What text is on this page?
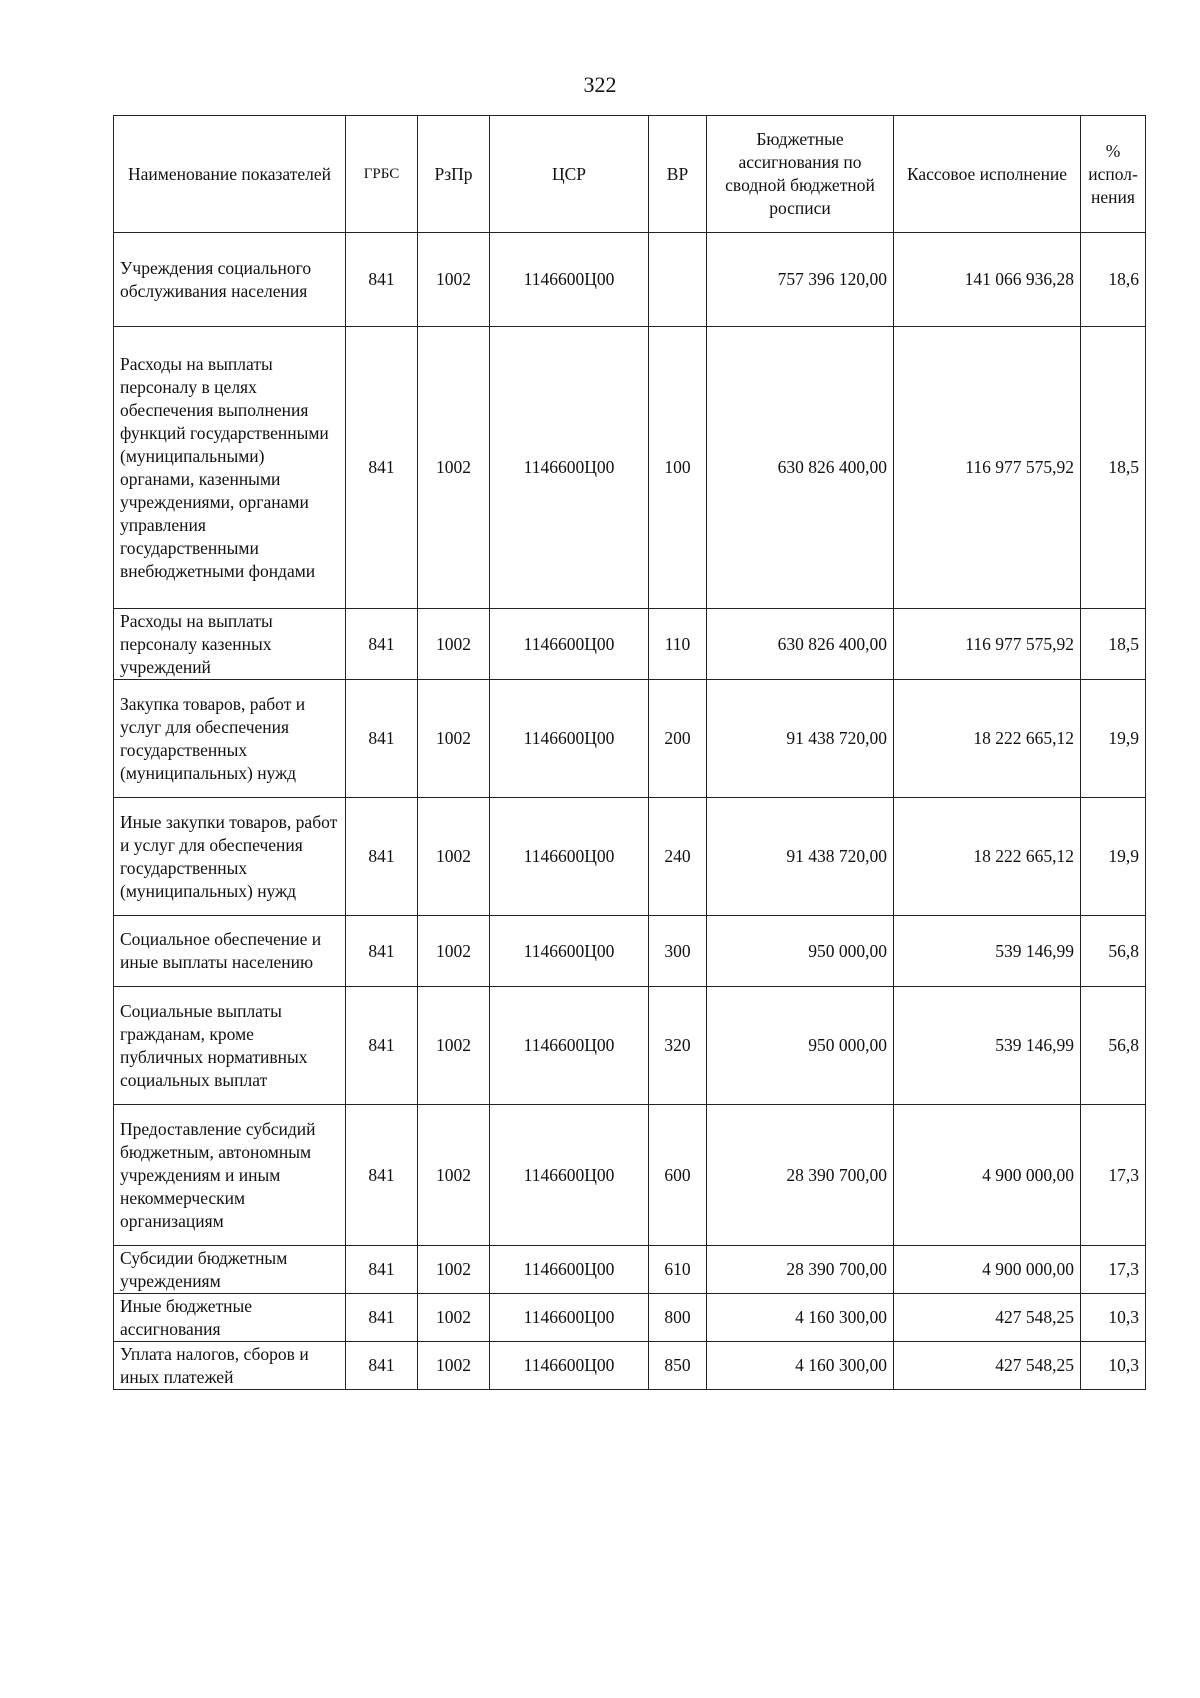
322
Наименование показателей	ГРБС	РзПр	ЦСР	ВР	Бюджетные ассигнования по сводной бюджетной росписи	Кассовое исполнение	%
испол-нения
Учреждения социального обслуживания населения	841	1002	1146600Ц00		757 396 120,00	141 066 936,28	18,6
Расходы на выплаты персоналу в целях обеспечения выполнения функций государственными (муниципальными) органами, казенными учреждениями, органами управления государственными внебюджетными фондами	841	1002	1146600Ц00	100	630 826 400,00	116 977 575,92	18,5
Расходы на выплаты персоналу казенных учреждений	841	1002	1146600Ц00	110	630 826 400,00	116 977 575,92	18,5
Закупка товаров, работ и услуг для обеспечения государственных (муниципальных) нужд	841	1002	1146600Ц00	200	91 438 720,00	18 222 665,12	19,9
Иные закупки товаров, работ и услуг для обеспечения государственных (муниципальных) нужд	841	1002	1146600Ц00	240	91 438 720,00	18 222 665,12	19,9
Социальное обеспечение и иные выплаты населению	841	1002	1146600Ц00	300	950 000,00	539 146,99	56,8
Социальные выплаты гражданам, кроме публичных нормативных социальных выплат	841	1002	1146600Ц00	320	950 000,00	539 146,99	56,8
Предоставление субсидий бюджетным, автономным учреждениям и иным некоммерческим организациям	841	1002	1146600Ц00	600	28 390 700,00	4 900 000,00	17,3
Субсидии бюджетным учреждениям	841	1002	1146600Ц00	610	28 390 700,00	4 900 000,00	17,3
Иные бюджетные ассигнования	841	1002	1146600Ц00	800	4 160 300,00	427 548,25	10,3
Уплата налогов, сборов и иных платежей	841	1002	1146600Ц00	850	4 160 300,00	427 548,25	10,3
